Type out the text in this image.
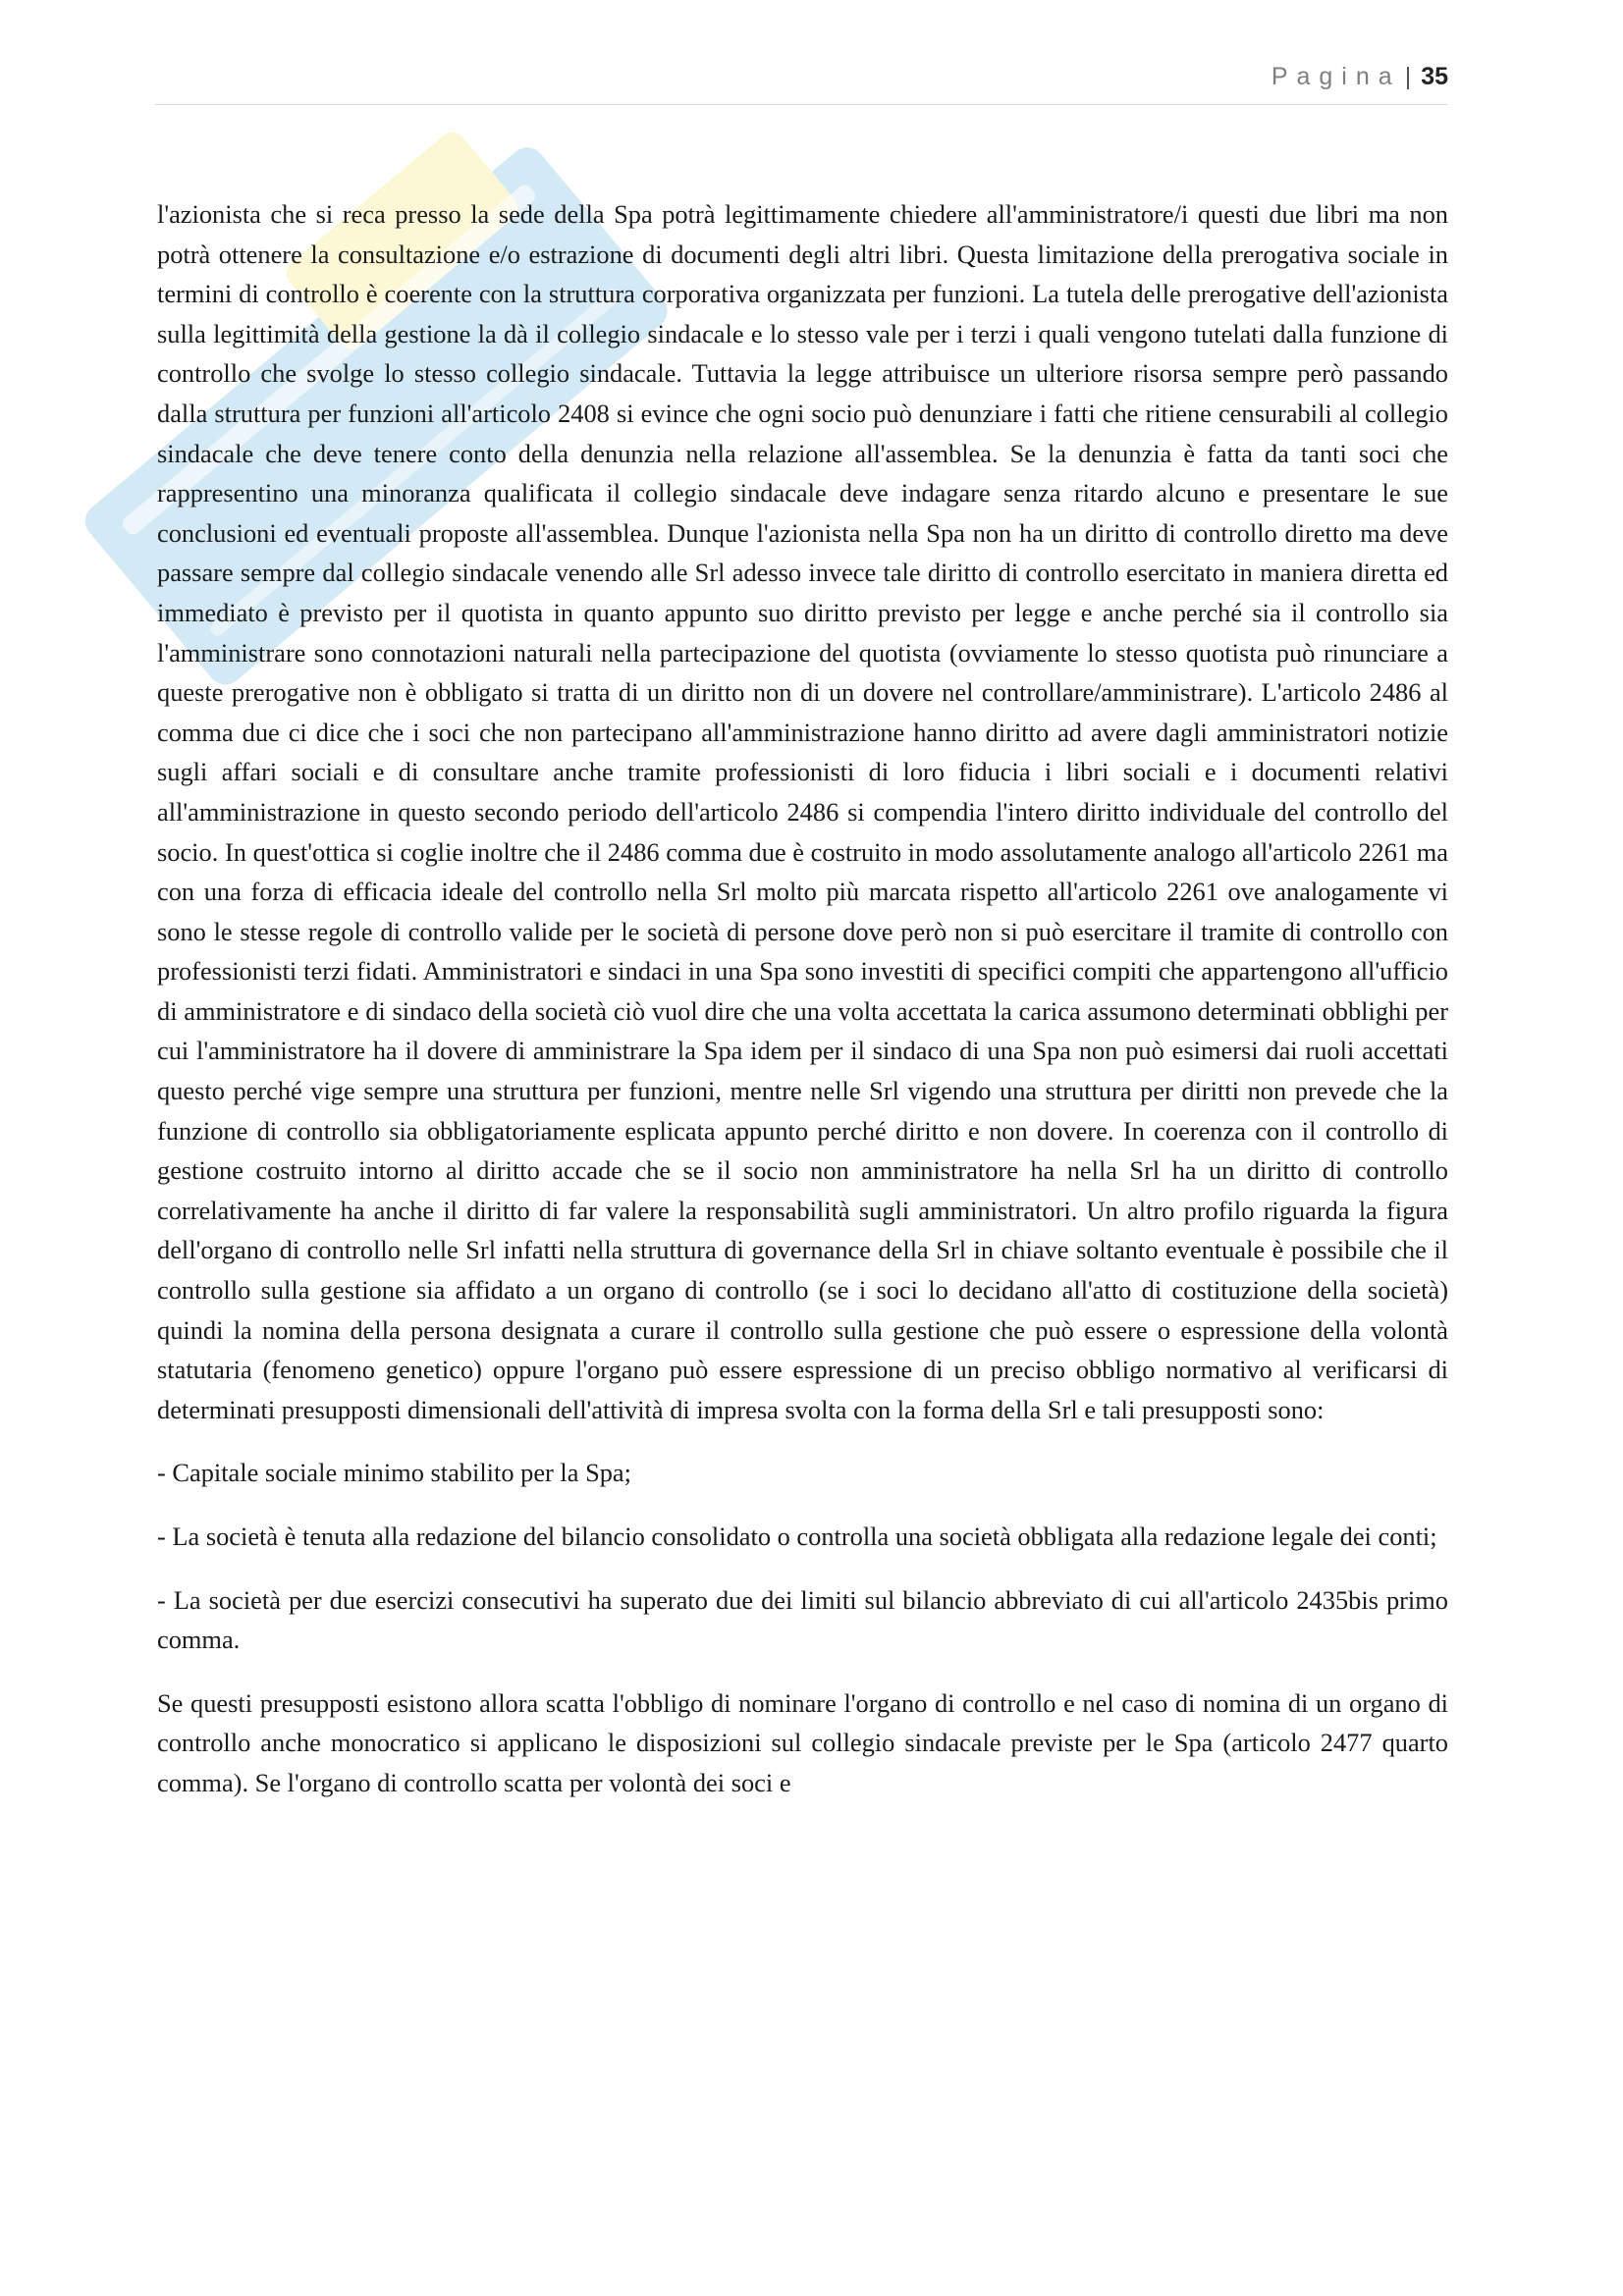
Pagina | 35

l'azionista che si reca presso la sede della Spa potrà legittimamente chiedere all'amministratore/i questi due libri ma non potrà ottenere la consultazione e/o estrazione di documenti degli altri libri. Questa limitazione della prerogativa sociale in termini di controllo è coerente con la struttura corporativa organizzata per funzioni. La tutela delle prerogative dell'azionista sulla legittimità della gestione la dà il collegio sindacale e lo stesso vale per i terzi i quali vengono tutelati dalla funzione di controllo che svolge lo stesso collegio sindacale. Tuttavia la legge attribuisce un ulteriore risorsa sempre però passando dalla struttura per funzioni all'articolo 2408 si evince che ogni socio può denunziare i fatti che ritiene censurabili al collegio sindacale che deve tenere conto della denunzia nella relazione all'assemblea. Se la denunzia è fatta da tanti soci che rappresentino una minoranza qualificata il collegio sindacale deve indagare senza ritardo alcuno e presentare le sue conclusioni ed eventuali proposte all'assemblea. Dunque l'azionista nella Spa non ha un diritto di controllo diretto ma deve passare sempre dal collegio sindacale venendo alle Srl adesso invece tale diritto di controllo esercitato in maniera diretta ed immediato è previsto per il quotista in quanto appunto suo diritto previsto per legge e anche perché sia il controllo sia l'amministrare sono connotazioni naturali nella partecipazione del quotista (ovviamente lo stesso quotista può rinunciare a queste prerogative non è obbligato si tratta di un diritto non di un dovere nel controllare/amministrare). L'articolo 2486 al comma due ci dice che i soci che non partecipano all'amministrazione hanno diritto ad avere dagli amministratori notizie sugli affari sociali e di consultare anche tramite professionisti di loro fiducia i libri sociali e i documenti relativi all'amministrazione in questo secondo periodo dell'articolo 2486 si compendia l'intero diritto individuale del controllo del socio. In quest'ottica si coglie inoltre che il 2486 comma due è costruito in modo assolutamente analogo all'articolo 2261 ma con una forza di efficacia ideale del controllo nella Srl molto più marcata rispetto all'articolo 2261 ove analogamente vi sono le stesse regole di controllo valide per le società di persone dove però non si può esercitare il tramite di controllo con professionisti terzi fidati. Amministratori e sindaci in una Spa sono investiti di specifici compiti che appartengono all'ufficio di amministratore e di sindaco della società ciò vuol dire che una volta accettata la carica assumono determinati obblighi per cui l'amministratore ha il dovere di amministrare la Spa idem per il sindaco di una Spa non può esimersi dai ruoli accettati questo perché vige sempre una struttura per funzioni, mentre nelle Srl vigendo una struttura per diritti non prevede che la funzione di controllo sia obbligatoriamente esplicata appunto perché diritto e non dovere. In coerenza con il controllo di gestione costruito intorno al diritto accade che se il socio non amministratore ha nella Srl ha un diritto di controllo correlativamente ha anche il diritto di far valere la responsabilità sugli amministratori. Un altro profilo riguarda la figura dell'organo di controllo nelle Srl infatti nella struttura di governance della Srl in chiave soltanto eventuale è possibile che il controllo sulla gestione sia affidato a un organo di controllo (se i soci lo decidano all'atto di costituzione della società) quindi la nomina della persona designata a curare il controllo sulla gestione che può essere o espressione della volontà statutaria (fenomeno genetico) oppure l'organo può essere espressione di un preciso obbligo normativo al verificarsi di determinati presupposti dimensionali dell'attività di impresa svolta con la forma della Srl e tali presupposti sono:

- Capitale sociale minimo stabilito per la Spa;

- La società è tenuta alla redazione del bilancio consolidato o controlla una società obbligata alla redazione legale dei conti;

- La società per due esercizi consecutivi ha superato due dei limiti sul bilancio abbreviato di cui all'articolo 2435bis primo comma.

Se questi presupposti esistono allora scatta l'obbligo di nominare l'organo di controllo e nel caso di nomina di un organo di controllo anche monocratico si applicano le disposizioni sul collegio sindacale previste per le Spa (articolo 2477 quarto comma). Se l'organo di controllo scatta per volontà dei soci e
